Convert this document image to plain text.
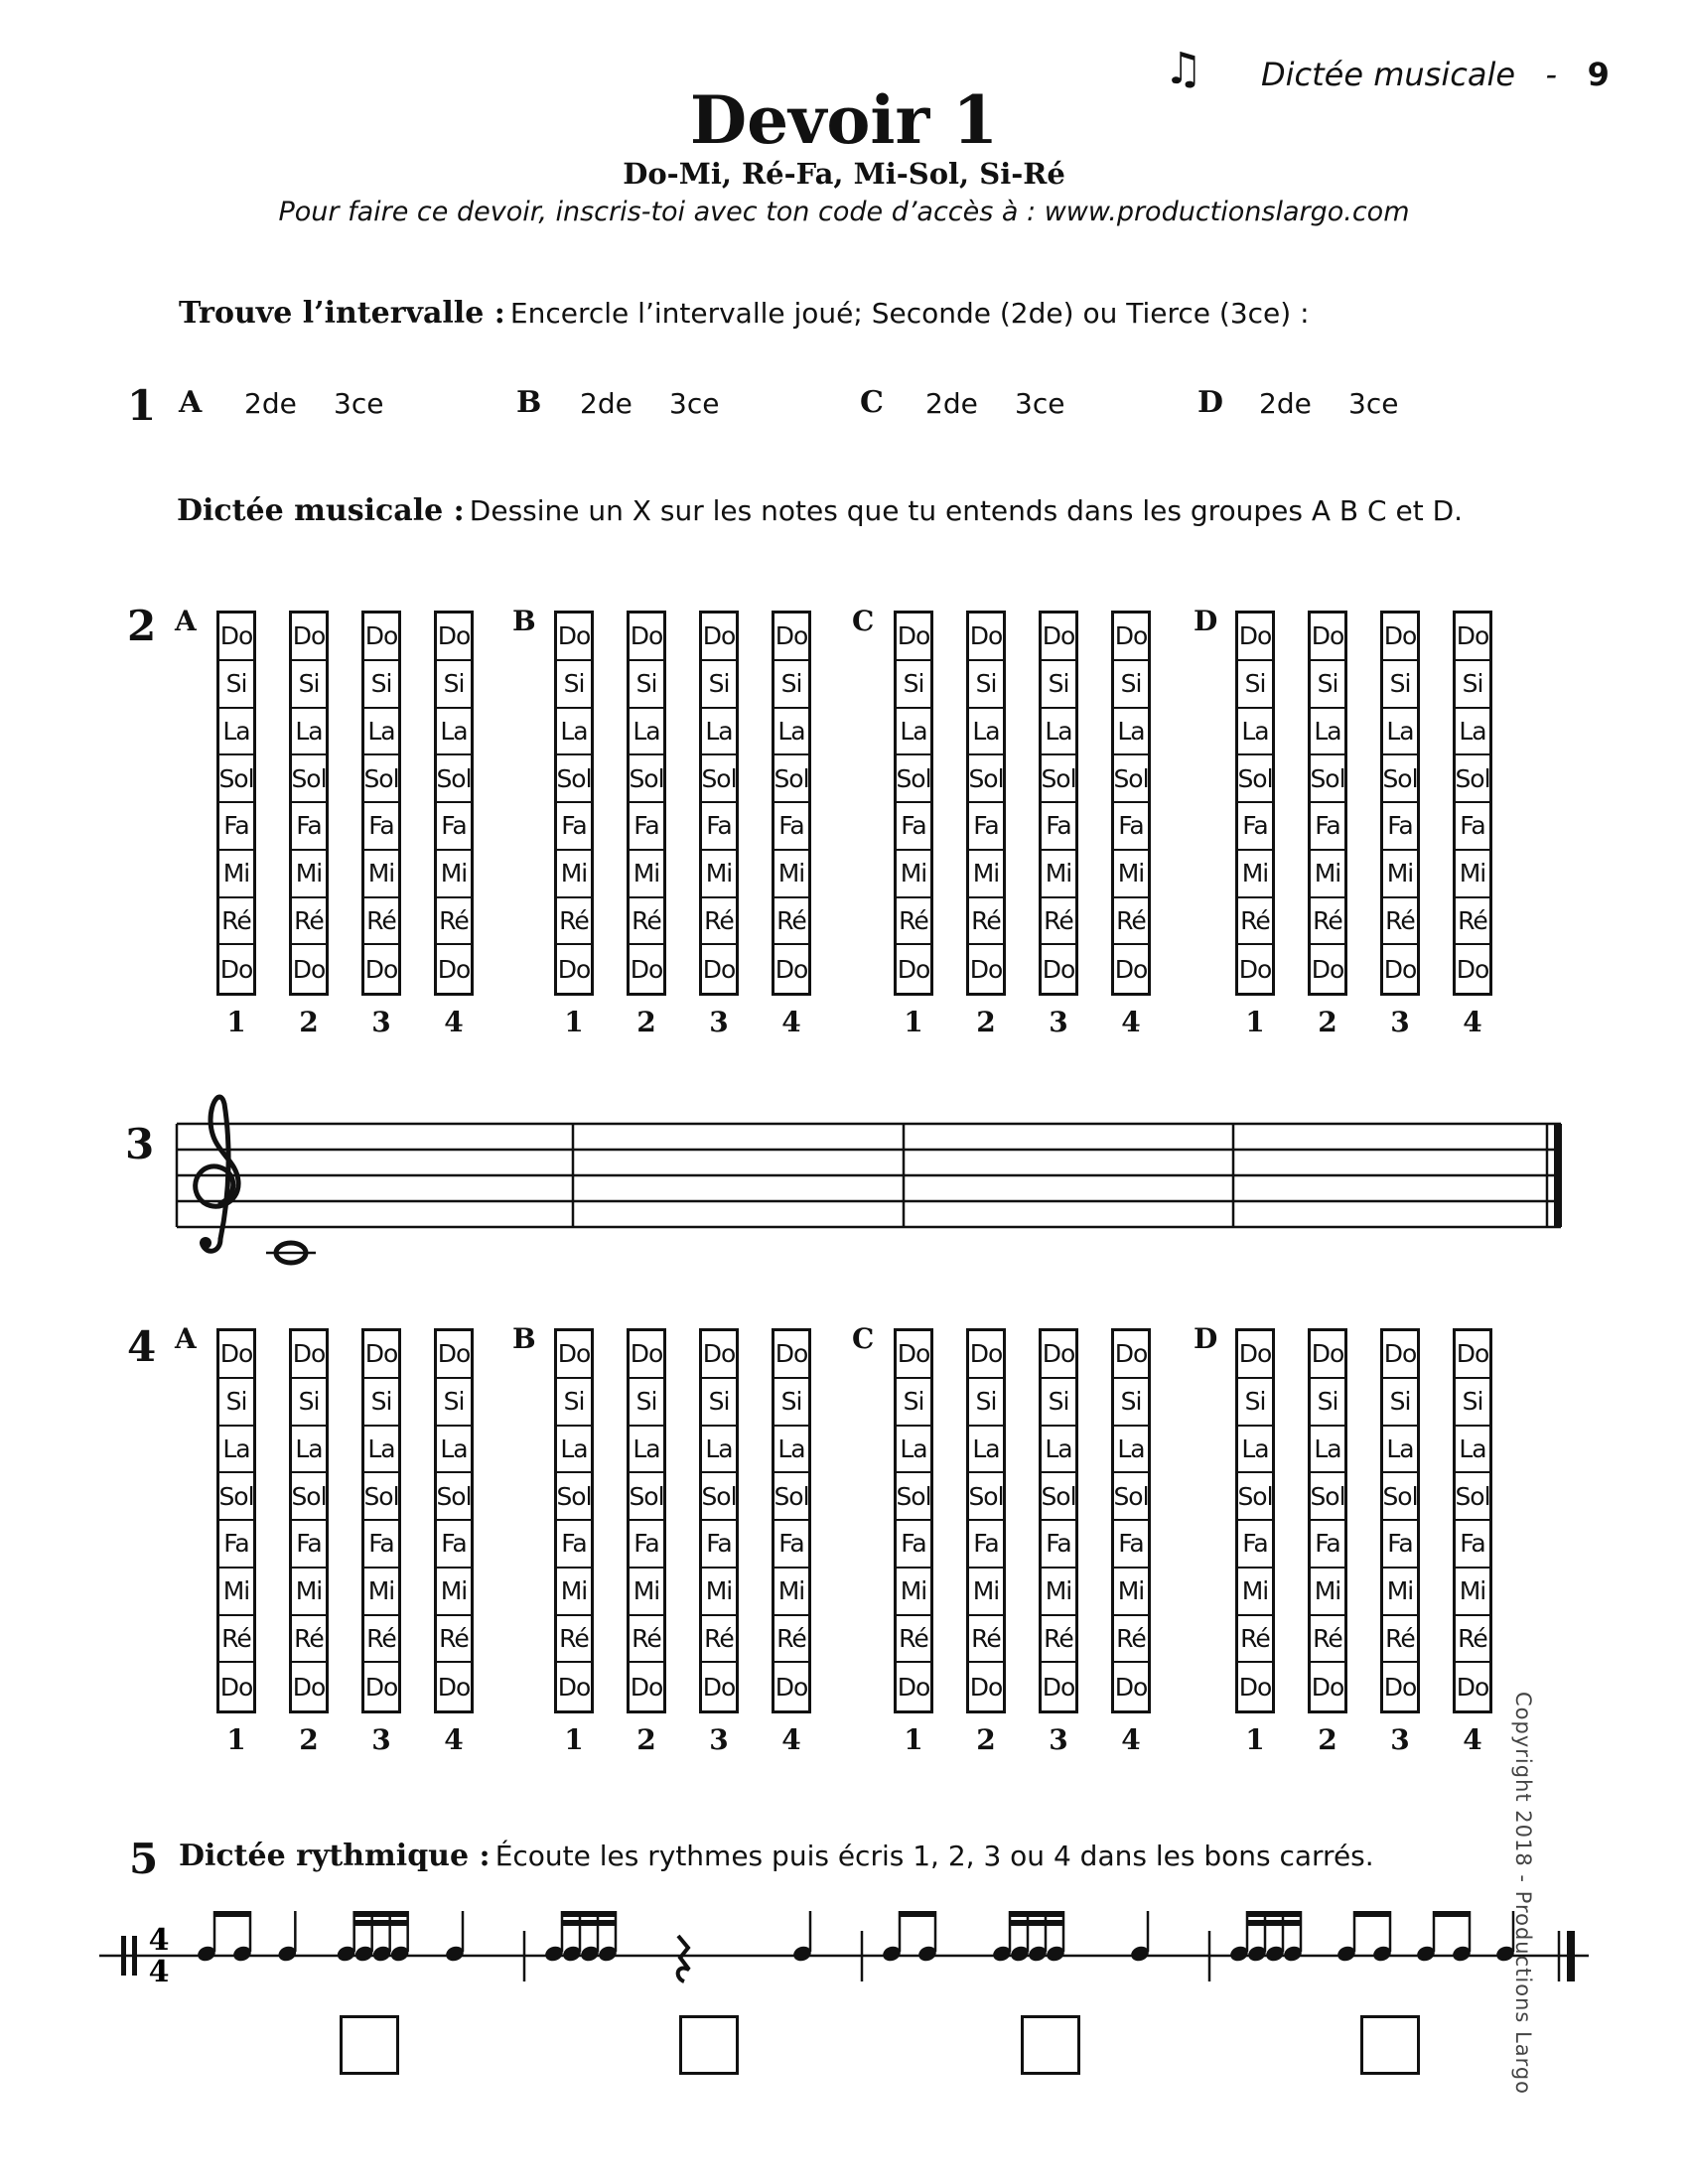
♫ Dictée musicale - 9
Devoir 1
Do-Mi, Ré-Fa, Mi-Sol, Si-Ré
Pour faire ce devoir, inscris-toi avec ton code d’accès à : www.productionslargo.com
Trouve l’intervalle : Encercle l’intervalle joué; Seconde (2de) ou Tierce (3ce) :
1 A 2de 3ce	B 2de 3ce	C 2de 3ce	D 2de 3ce
Dictée musicale : Dessine un X sur les notes que tu entends dans les groupes A B C et D.
2 A Do
Si
La
Sol
Fa
Mi
Ré
Do
1
Do
Si
La
Sol
Fa
Mi
Ré
Do
2
Do
Si
La
Sol
Fa
Mi
Ré
Do
3
Do
Si
La
Sol
Fa
Mi
Ré
Do
4
B Do
Si
La
Sol
Fa
Mi
Ré
Do
1
Do
Si
La
Sol
Fa
Mi
Ré
Do
2
Do
Si
La
Sol
Fa
Mi
Ré
Do
3
Do
Si
La
Sol
Fa
Mi
Ré
Do
4
C Do
Si
La
Sol
Fa
Mi
Ré
Do
1
Do
Si
La
Sol
Fa
Mi
Ré
Do
2
Do
Si
La
Sol
Fa
Mi
Ré
Do
3
Do
Si
La
Sol
Fa
Mi
Ré
Do
4
D Do
Si
La
Sol
Fa
Mi
Ré
Do
1
Do
Si
La
Sol
Fa
Mi
Ré
Do
2
Do
Si
La
Sol
Fa
Mi
Ré
Do
3
Do
Si
La
Sol
Fa
Mi
Ré
Do
4
3
4 A Do
Si
La
Sol
Fa
Mi
Ré
Do
1
Do
Si
La
Sol
Fa
Mi
Ré
Do
2
Do
Si
La
Sol
Fa
Mi
Ré
Do
3
Do
Si
La
Sol
Fa
Mi
Ré
Do
4
B Do
Si
La
Sol
Fa
Mi
Ré
Do
1
Do
Si
La
Sol
Fa
Mi
Ré
Do
2
Do
Si
La
Sol
Fa
Mi
Ré
Do
3
Do
Si
La
Sol
Fa
Mi
Ré
Do
4
C Do
Si
La
Sol
Fa
Mi
Ré
Do
1
Do
Si
La
Sol
Fa
Mi
Ré
Do
2
Do
Si
La
Sol
Fa
Mi
Ré
Do
3
Do
Si
La
Sol
Fa
Mi
Ré
Do
4
D Do
Si
La
Sol
Fa
Mi
Ré
Do
1
Do
Si
La
Sol
Fa
Mi
Ré
Do
2
Do
Si
La
Sol
Fa
Mi
Ré
Do
3
Do
Si
La
Sol
Fa
Mi
Ré
Do
4
5 Dictée rythmique : Écoute les rythmes puis écris 1, 2, 3 ou 4 dans les bons carrés.
4
4	Copyright 2018 - Productions Largo
